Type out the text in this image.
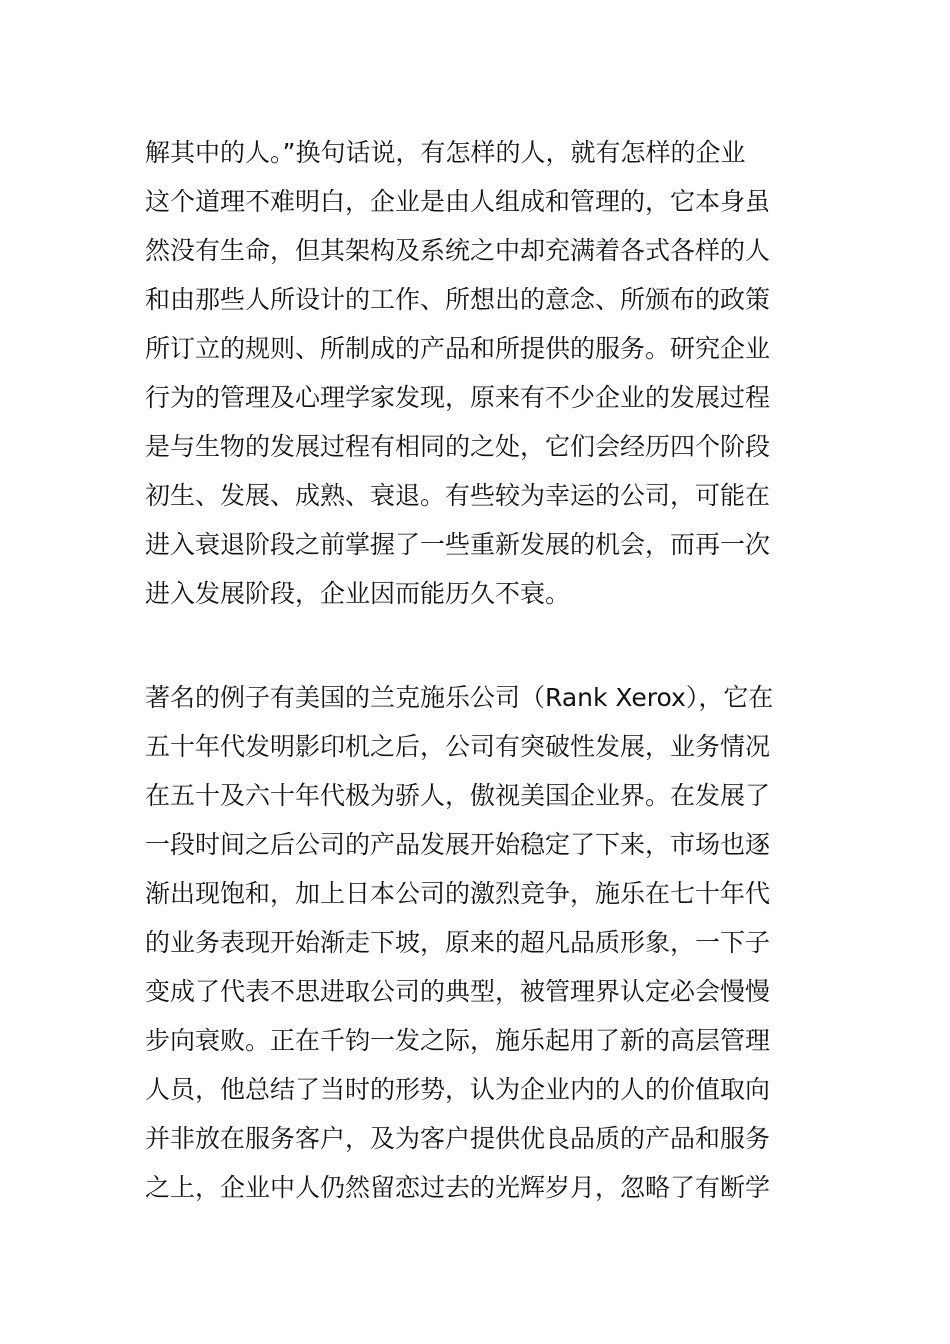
解其中的人。”换句话说，有怎样的人，就有怎样的企业
这个道理不难明白，企业是由人组成和管理的，它本身虽
然没有生命，但其架构及系统之中却充满着各式各样的人
和由那些人所设计的工作、所想出的意念、所颁布的政策
所订立的规则、所制成的产品和所提供的服务。研究企业
行为的管理及心理学家发现，原来有不少企业的发展过程
是与生物的发展过程有相同的之处，它们会经历四个阶段
初生、发展、成熟、衰退。有些较为幸运的公司，可能在
进入衰退阶段之前掌握了一些重新发展的机会，而再一次
进入发展阶段，企业因而能历久不衰。
著名的例子有美国的兰克施乐公司（Rank Xerox），它在
五十年代发明影印机之后，公司有突破性发展，业务情况
在五十及六十年代极为骄人，傲视美国企业界。在发展了
一段时间之后公司的产品发展开始稳定了下来，市场也逐
渐出现饱和，加上日本公司的激烈竞争，施乐在七十年代
的业务表现开始渐走下坡，原来的超凡品质形象，一下子
变成了代表不思进取公司的典型，被管理界认定必会慢慢
步向衰败。正在千钧一发之际，施乐起用了新的高层管理
人员，他总结了当时的形势，认为企业内的人的价值取向
并非放在服务客户，及为客户提供优良品质的产品和服务
之上，企业中人仍然留恋过去的光辉岁月，忽略了有断学
